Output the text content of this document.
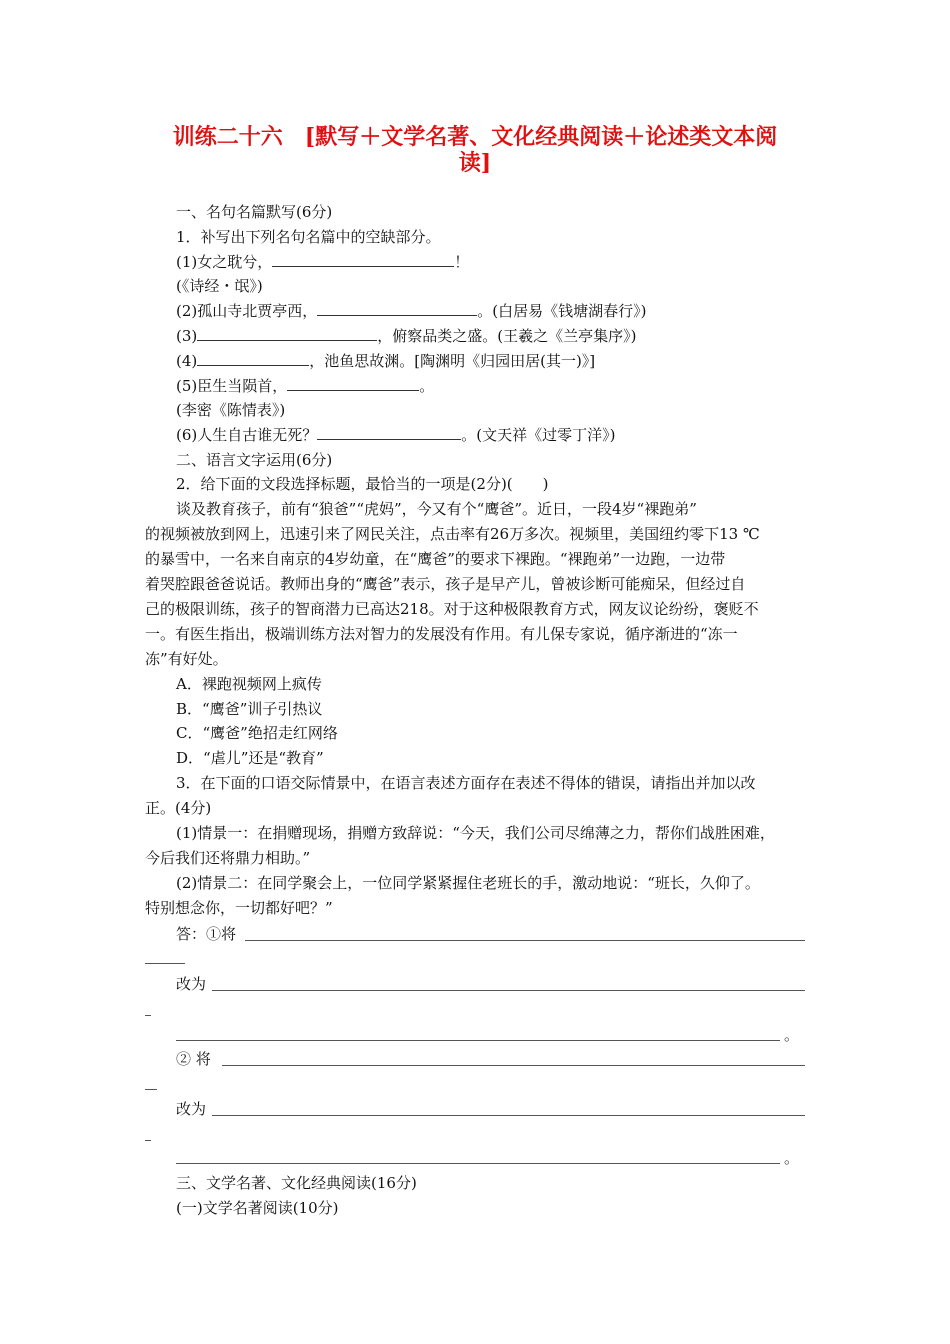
训练二十六　[默写＋文学名著、文化经典阅读＋论述类文本阅
读]
一、名句名篇默写(6分)
1．补写出下列名句名篇中的空缺部分。
(1)女之耽兮，	！
(《诗经・氓》)
(2)孤山寺北贾亭西，	。(白居易《钱塘湖春行》)
(3)	，俯察品类之盛。(王羲之《兰亭集序》)
(4)	，池鱼思故渊。[陶渊明《归园田居(其一)》]
(5)臣生当陨首，	。
(李密《陈情表》)
(6)人生自古谁无死？	。(文天祥《过零丁洋》)
二、语言文字运用(6分)
2．给下面的文段选择标题，最恰当的一项是(2分)(　　)
谈及教育孩子，前有“狼爸”“虎妈”，今又有个“鹰爸”。近日，一段4岁“裸跑弟”
的视频被放到网上，迅速引来了网民关注，点击率有26万多次。视频里，美国纽约零下13 ℃
的暴雪中，一名来自南京的4岁幼童，在“鹰爸”的要求下裸跑。“裸跑弟”一边跑，一边带
着哭腔跟爸爸说话。教师出身的“鹰爸”表示，孩子是早产儿，曾被诊断可能痴呆，但经过自
己的极限训练，孩子的智商潜力已高达218。对于这种极限教育方式，网友议论纷纷，褒贬不
一。有医生指出，极端训练方法对智力的发展没有作用。有儿保专家说，循序渐进的“冻一
冻”有好处。
A．裸跑视频网上疯传
B．“鹰爸”训子引热议
C．“鹰爸”绝招走红网络
D．“虐儿”还是“教育”
3．在下面的口语交际情景中，在语言表述方面存在表述不得体的错误，请指出并加以改
正。(4分)
(1)情景一：在捐赠现场，捐赠方致辞说：“今天，我们公司尽绵薄之力，帮你们战胜困难，
今后我们还将鼎力相助。”
(2)情景二：在同学聚会上，一位同学紧紧握住老班长的手，激动地说：“班长，久仰了。
特别想念你，一切都好吧？”
答：①将
改为
。
② 将
改为
。
三、文学名著、文化经典阅读(16分)
(一)文学名著阅读(10分)
